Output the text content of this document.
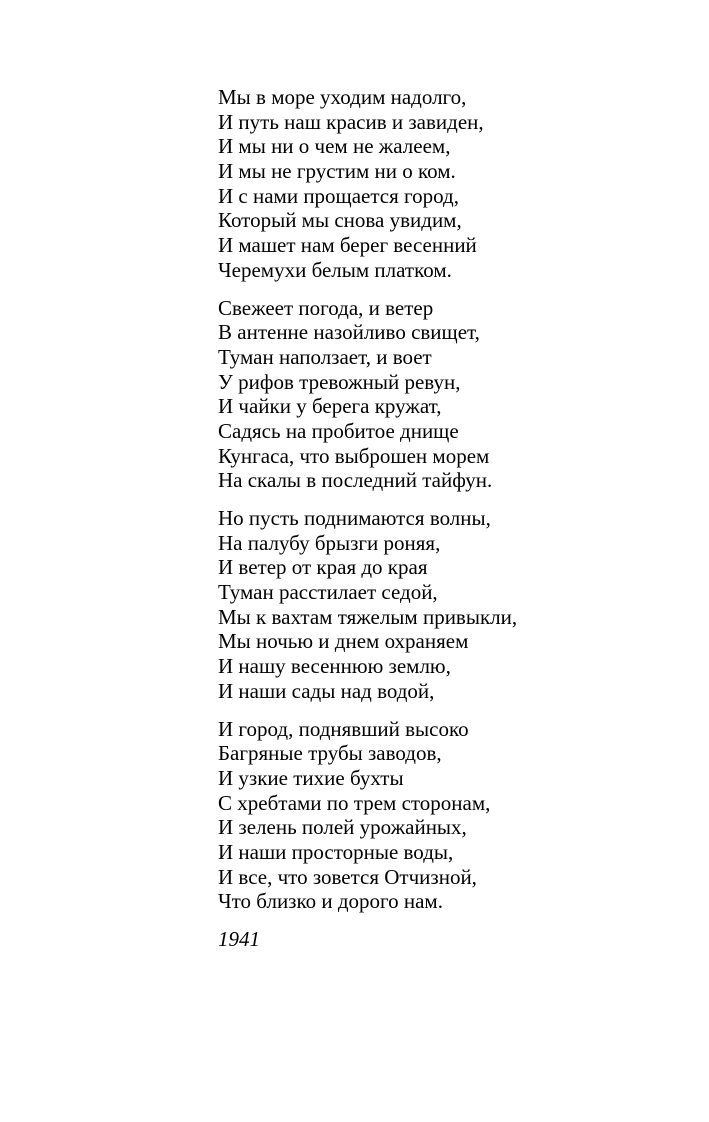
Мы в море уходим надолго,
И путь наш красив и завиден,
И мы ни о чем не жалеем,
И мы не грустим ни о ком.
И с нами прощается город,
Который мы снова увидим,
И машет нам берег весенний
Черемухи белым платком.
Свежеет погода, и ветер
В антенне назойливо свищет,
Туман наползает, и воет
У рифов тревожный ревун,
И чайки у берега кружат,
Садясь на пробитое днище
Кунгаса, что выброшен морем
На скалы в последний тайфун.
Но пусть поднимаются волны,
На палубу брызги роняя,
И ветер от края до края
Туман расстилает седой,
Мы к вахтам тяжелым привыкли,
Мы ночью и днем охраняем
И нашу весеннюю землю,
И наши сады над водой,
И город, поднявший высоко
Багряные трубы заводов,
И узкие тихие бухты
С хребтами по трем сторонам,
И зелень полей урожайных,
И наши просторные воды,
И все, что зовется Отчизной,
Что близко и дорого нам.
1941
